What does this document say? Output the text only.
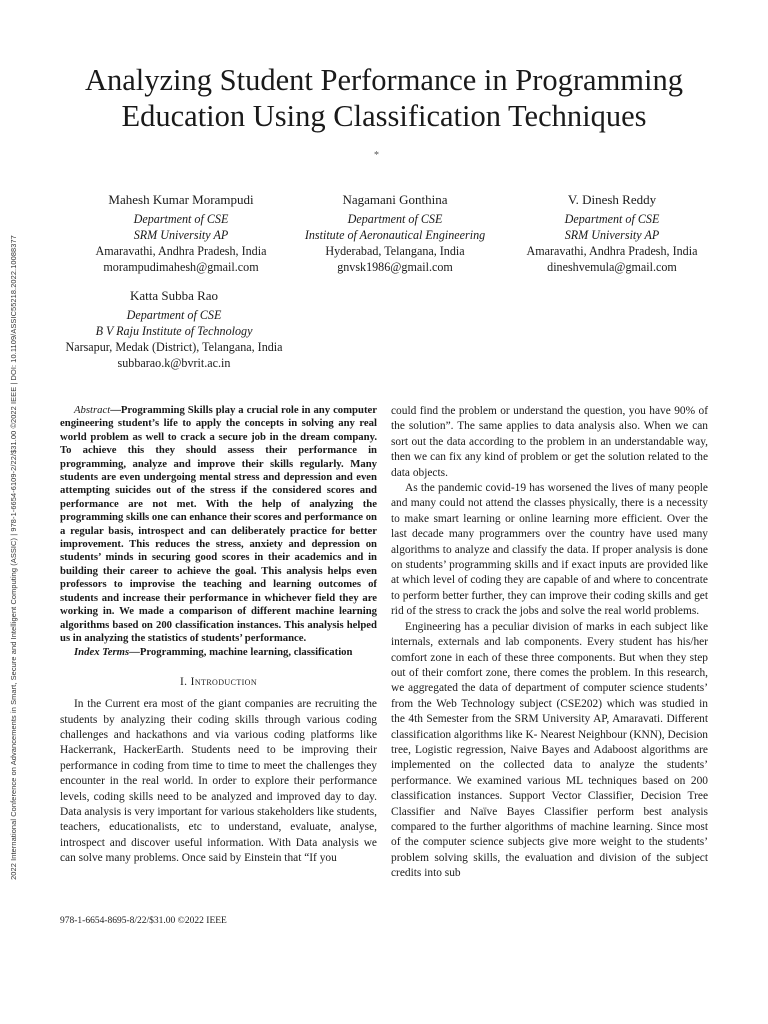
2022 International Conference on Advancements in Smart, Secure and Intelligent Computing (ASSIC) | 978-1-6654-6109-2/22/$31.00 ©2022 IEEE | DOI: 10.1109/ASSIC55218.2022.10088377
Analyzing Student Performance in Programming Education Using Classification Techniques
*
Mahesh Kumar Morampudi
Department of CSE
SRM University AP
Amaravathi, Andhra Pradesh, India
morampudimahesh@gmail.com
Nagamani Gonthina
Department of CSE
Institute of Aeronautical Engineering
Hyderabad, Telangana, India
gnvsk1986@gmail.com
V. Dinesh Reddy
Department of CSE
SRM University AP
Amaravathi, Andhra Pradesh, India
dineshvemula@gmail.com
Katta Subba Rao
Department of CSE
B V Raju Institute of Technology
Narsapur, Medak (District), Telangana, India
subbarao.k@bvrit.ac.in

Abstract—Programming Skills play a crucial role in any computer engineering student’s life to apply the concepts in solving any real world problem as well to crack a secure job in the dream company. To achieve this they should assess their performance in programming, analyze and improve their skills regularly. Many students are even undergoing mental stress and depression and even attempting suicides out of the stress if the considered scores and performance are not met. With the help of analyzing the programming skills one can enhance their scores and performance on a regular basis, introspect and can deliberately practice for better improvement. This reduces the stress, anxiety and depression on students’ minds in securing good scores in their academics and in building their career to achieve the goal. This analysis helps even professors to improvise the teaching and learning outcomes of students and increase their performance in whichever field they are working in. We made a comparison of different machine learning algorithms based on 200 classification instances. This analysis helped us in analyzing the statistics of students’ performance.

Index Terms—Programming, machine learning, classification

I. Introduction

In the Current era most of the giant companies are recruiting the students by analyzing their coding skills through various coding challenges and hackathons and via various coding platforms like Hackerrank, HackerEarth. Students need to be improving their performance in coding from time to time to meet the challenges they encounter in the real world. In order to explore their performance levels, coding skills need to be analyzed and improved day to day. Data analysis is very important for various stakeholders like students, teachers, educationalists, etc to understand, evaluate, analyse, introspect and discover useful information. With Data analysis we can solve many problems. Once said by Einstein that “If you

could find the problem or understand the question, you have 90% of the solution”. The same applies to data analysis also. When we can sort out the data according to the problem in an understandable way, then we can fix any kind of problem or get the solution related to the data objects.

As the pandemic covid-19 has worsened the lives of many people and many could not attend the classes physically, there is a necessity to make smart learning or online learning more efficient. Over the last decade many programmers over the country have used many algorithms to analyze and classify the data. If proper analysis is done on students’ programming skills and if exact inputs are provided like at which level of coding they are capable of and where to concentrate to perform better further, they can improve their coding skills and get rid of the stress to crack the jobs and solve the real world problems.

Engineering has a peculiar division of marks in each subject like internals, externals and lab components. Every student has his/her comfort zone in each of these three components. But when they step out of their comfort zone, there comes the problem. In this research, we aggregated the data of department of computer science students’ from the Web Technology subject (CSE202) which was studied in the 4th Semester from the SRM University AP, Amaravati. Different classification algorithms like K- Nearest Neighbour (KNN), Decision tree, Logistic regression, Naive Bayes and Adaboost algorithms are implemented on the collected data to analyze the students’ performance. We examined various ML techniques based on 200 classification instances. Support Vector Classifier, Decision Tree Classifier and Naïve Bayes Classifier perform best analysis compared to the further algorithms of machine learning. Since most of the computer science subjects give more weight to the students’ problem solving skills, the evaluation and division of the subject credits into sub

978-1-6654-8695-8/22/$31.00 ©2022 IEEE
